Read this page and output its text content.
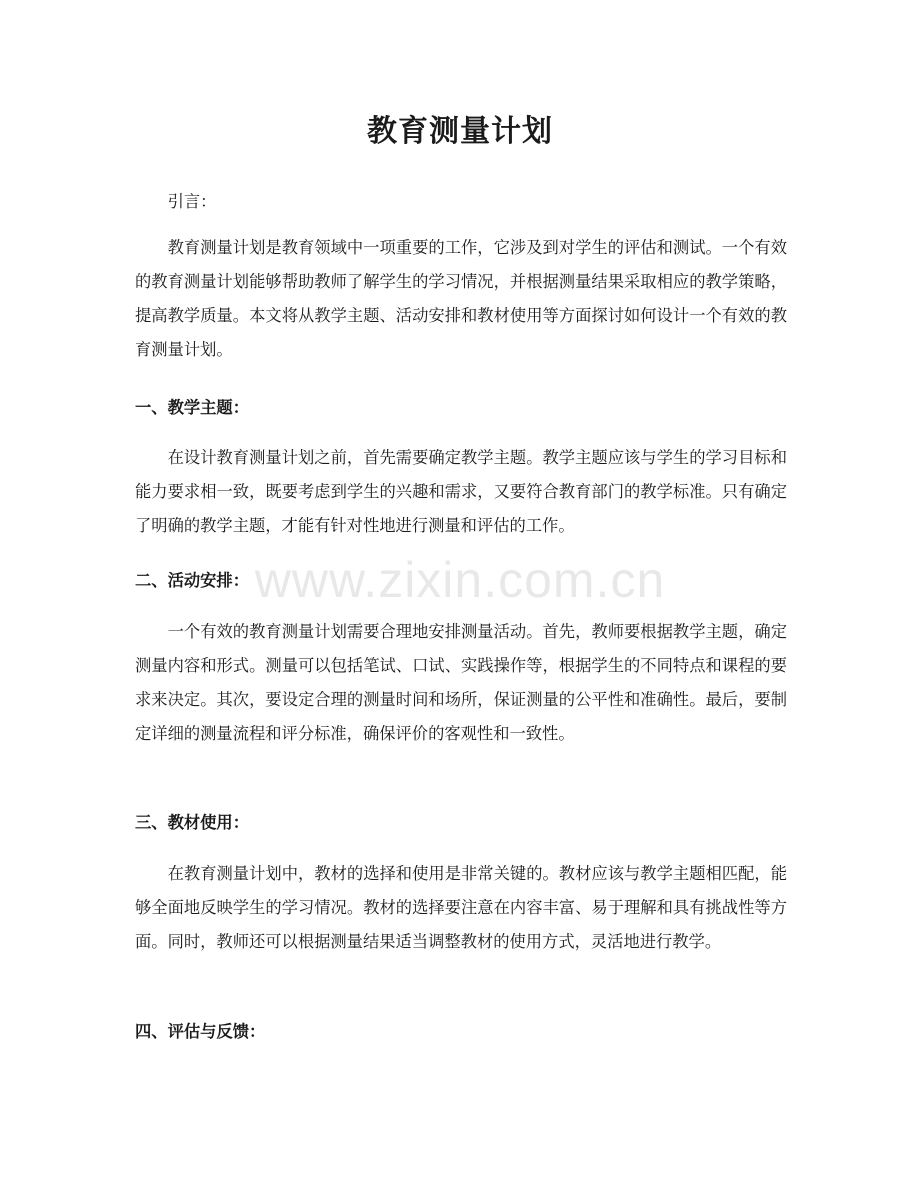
教育测量计划

引言：

教育测量计划是教育领域中一项重要的工作，它涉及到对学生的评估和测试。一个有效的教育测量计划能够帮助教师了解学生的学习情况，并根据测量结果采取相应的教学策略，提高教学质量。本文将从教学主题、活动安排和教材使用等方面探讨如何设计一个有效的教育测量计划。

一、教学主题：

在设计教育测量计划之前，首先需要确定教学主题。教学主题应该与学生的学习目标和能力要求相一致，既要考虑到学生的兴趣和需求，又要符合教育部门的教学标准。只有确定了明确的教学主题，才能有针对性地进行测量和评估的工作。

二、活动安排：

一个有效的教育测量计划需要合理地安排测量活动。首先，教师要根据教学主题，确定测量内容和形式。测量可以包括笔试、口试、实践操作等，根据学生的不同特点和课程的要求来决定。其次，要设定合理的测量时间和场所，保证测量的公平性和准确性。最后，要制定详细的测量流程和评分标准，确保评价的客观性和一致性。

三、教材使用：

在教育测量计划中，教材的选择和使用是非常关键的。教材应该与教学主题相匹配，能够全面地反映学生的学习情况。教材的选择要注意在内容丰富、易于理解和具有挑战性等方面。同时，教师还可以根据测量结果适当调整教材的使用方式，灵活地进行教学。

四、评估与反馈：
www.zixin.com.cn
